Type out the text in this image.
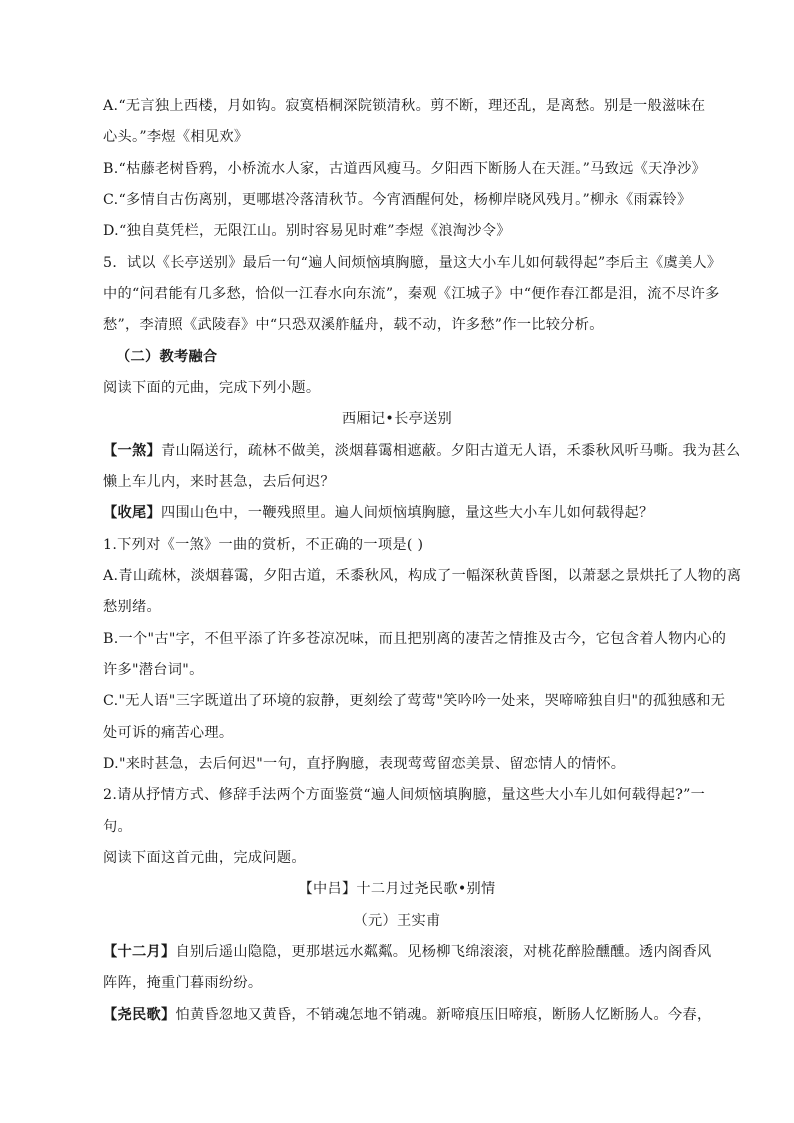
A.“无言独上西楼，月如钩。寂寞梧桐深院锁清秋。剪不断，理还乱，是离愁。别是一般滋味在
心头。”李煜《相见欢》
B.“枯藤老树昏鸦，小桥流水人家，古道西风瘦马。夕阳西下断肠人在天涯。”马致远《天净沙》
C.“多情自古伤离别，更哪堪冷落清秋节。今宵酒醒何处，杨柳岸晓风残月。”柳永《雨霖铃》
D.“独自莫凭栏，无限江山。别时容易见时难”李煜《浪淘沙令》
5．试以《长亭送别》最后一句“遍人间烦恼填胸臆，量这大小车儿如何载得起”李后主《虞美人》
中的“问君能有几多愁，恰似一江春水向东流”，秦观《江城子》中“便作春江都是泪，流不尽许多
愁”，李清照《武陵春》中“只恐双溪舴艋舟，载不动，许多愁”作一比较分析。
（二）教考融合
阅读下面的元曲，完成下列小题。
西厢记•长亭送别
【一煞】青山隔送行，疏林不做美，淡烟暮霭相遮蔽。夕阳古道无人语，禾黍秋风听马嘶。我为甚么
懒上车儿内，来时甚急，去后何迟？
【收尾】四围山色中，一鞭残照里。遍人间烦恼填胸臆，量这些大小车儿如何载得起？
1.下列对《一煞》一曲的赏析，不正确的一项是( )
A.青山疏林，淡烟暮霭，夕阳古道，禾黍秋风，构成了一幅深秋黄昏图，以萧瑟之景烘托了人物的离
愁别绪。
B.一个"古"字，不但平添了许多苍凉况味，而且把别离的凄苦之情推及古今，它包含着人物内心的
许多"潜台词"。
C."无人语"三字既道出了环境的寂静，更刻绘了莺莺"笑吟吟一处来，哭啼啼独自归"的孤独感和无
处可诉的痛苦心理。
D."来时甚急，去后何迟"一句，直抒胸臆，表现莺莺留恋美景、留恋情人的情怀。
2.请从抒情方式、修辞手法两个方面鉴赏“遍人间烦恼填胸臆，量这些大小车儿如何载得起?”一
句。
阅读下面这首元曲，完成问题。
【中吕】十二月过尧民歌•别情
（元）王实甫
【十二月】自别后遥山隐隐，更那堪远水粼粼。见杨柳飞绵滚滚，对桃花醉脸醺醺。透内阁香风
阵阵，掩重门暮雨纷纷。
【尧民歌】怕黄昏忽地又黄昏，不销魂怎地不销魂。新啼痕压旧啼痕，断肠人忆断肠人。今春，
